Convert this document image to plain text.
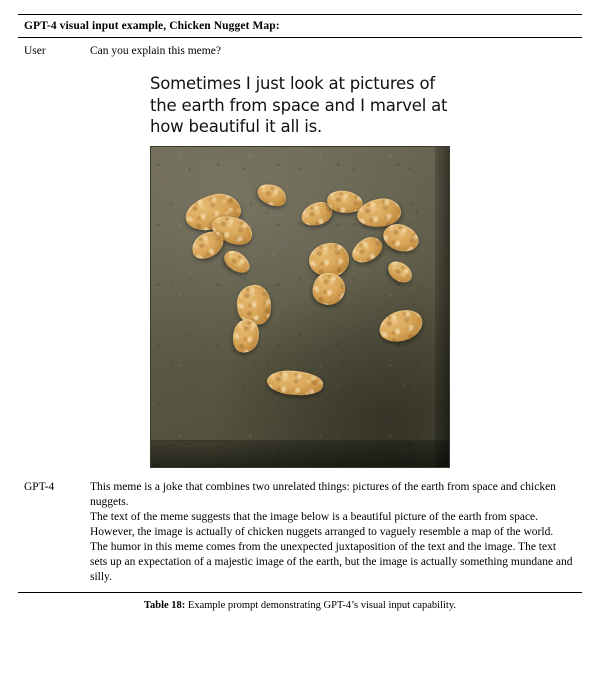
GPT-4 visual input example, Chicken Nugget Map:
User	Can you explain this meme?
Sometimes I just look at pictures of the earth from space and I marvel at how beautiful it all is.
GPT-4	This meme is a joke that combines two unrelated things: pictures of the earth from space and chicken nuggets.

The text of the meme suggests that the image below is a beautiful picture of the earth from space. However, the image is actually of chicken nuggets arranged to vaguely resemble a map of the world.

The humor in this meme comes from the unexpected juxtaposition of the text and the image. The text sets up an expectation of a majestic image of the earth, but the image is actually something mundane and silly.

Table 18: Example prompt demonstrating GPT-4’s visual input capability.
